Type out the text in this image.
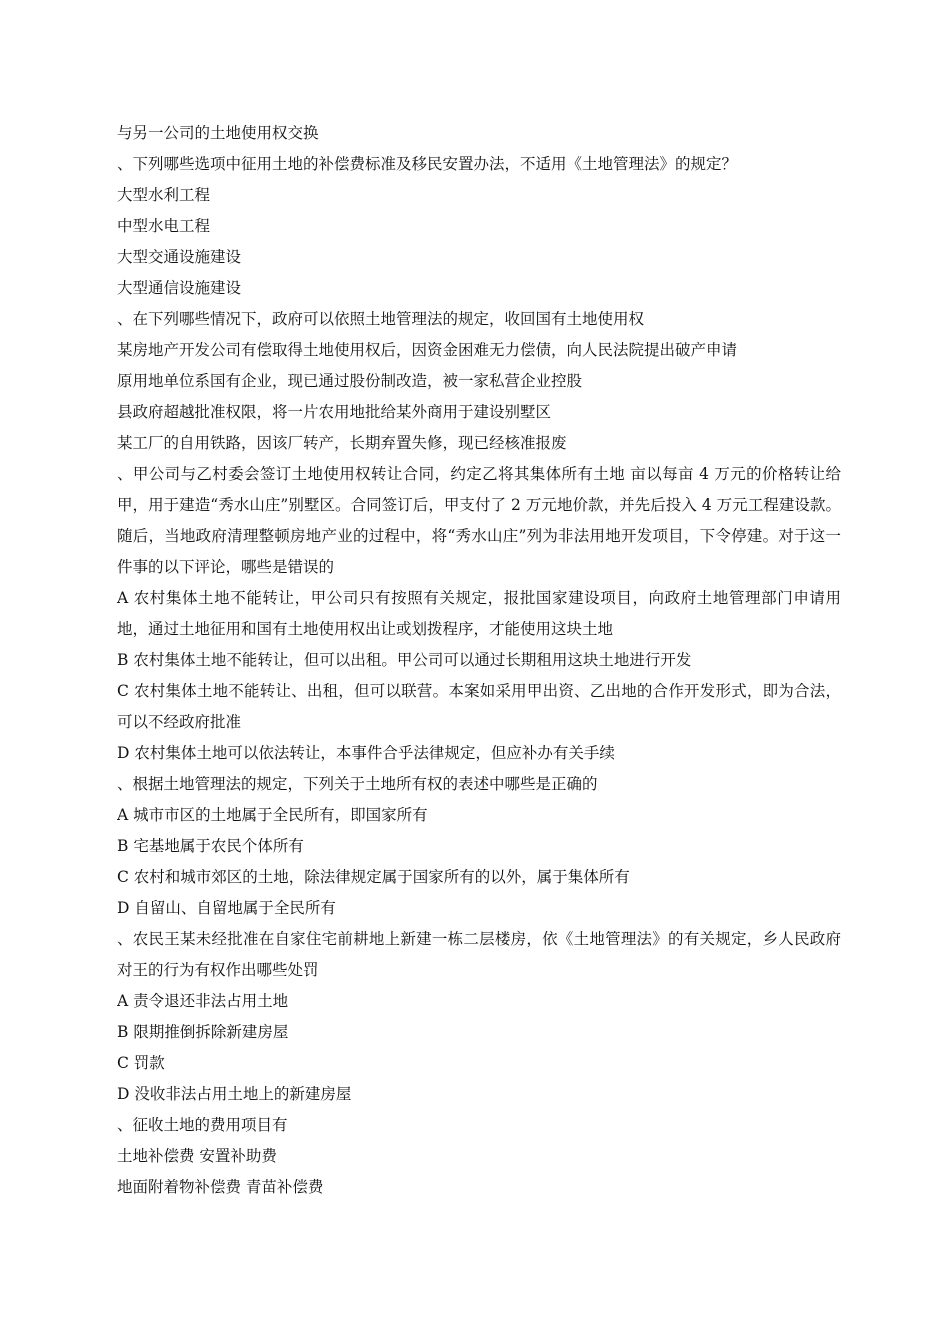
与另一公司的土地使用权交换
、下列哪些选项中征用土地的补偿费标准及移民安置办法，不适用《土地管理法》的规定？
大型水利工程
中型水电工程
大型交通设施建设
大型通信设施建设
、在下列哪些情况下，政府可以依照土地管理法的规定，收回国有土地使用权
某房地产开发公司有偿取得土地使用权后，因资金困难无力偿债，向人民法院提出破产申请
原用地单位系国有企业，现已通过股份制改造，被一家私营企业控股
县政府超越批准权限，将一片农用地批给某外商用于建设别墅区
某工厂的自用铁路，因该厂转产，长期弃置失修，现已经核准报废
、甲公司与乙村委会签订土地使用权转让合同，约定乙将其集体所有土地 亩以每亩 4 万元的价格转让给甲，用于建造“秀水山庄”别墅区。合同签订后，甲支付了 2 万元地价款，并先后投入 4 万元工程建设款。随后，当地政府清理整顿房地产业的过程中，将“秀水山庄”列为非法用地开发项目，下令停建。对于这一件事的以下评论，哪些是错误的
A 农村集体土地不能转让，甲公司只有按照有关规定，报批国家建设项目，向政府土地管理部门申请用地，通过土地征用和国有土地使用权出让或划拨程序，才能使用这块土地
B 农村集体土地不能转让，但可以出租。甲公司可以通过长期租用这块土地进行开发
C 农村集体土地不能转让、出租，但可以联营。本案如采用甲出资、乙出地的合作开发形式，即为合法，可以不经政府批准
D 农村集体土地可以依法转让，本事件合乎法律规定，但应补办有关手续
、根据土地管理法的规定，下列关于土地所有权的表述中哪些是正确的
A 城市市区的土地属于全民所有，即国家所有
B 宅基地属于农民个体所有
C 农村和城市郊区的土地，除法律规定属于国家所有的以外，属于集体所有
D 自留山、自留地属于全民所有
、农民王某未经批准在自家住宅前耕地上新建一栋二层楼房，依《土地管理法》的有关规定，乡人民政府对王的行为有权作出哪些处罚
A 责令退还非法占用土地
B 限期推倒拆除新建房屋
C 罚款
D 没收非法占用土地上的新建房屋
、征收土地的费用项目有
土地补偿费 安置补助费
地面附着物补偿费 青苗补偿费
